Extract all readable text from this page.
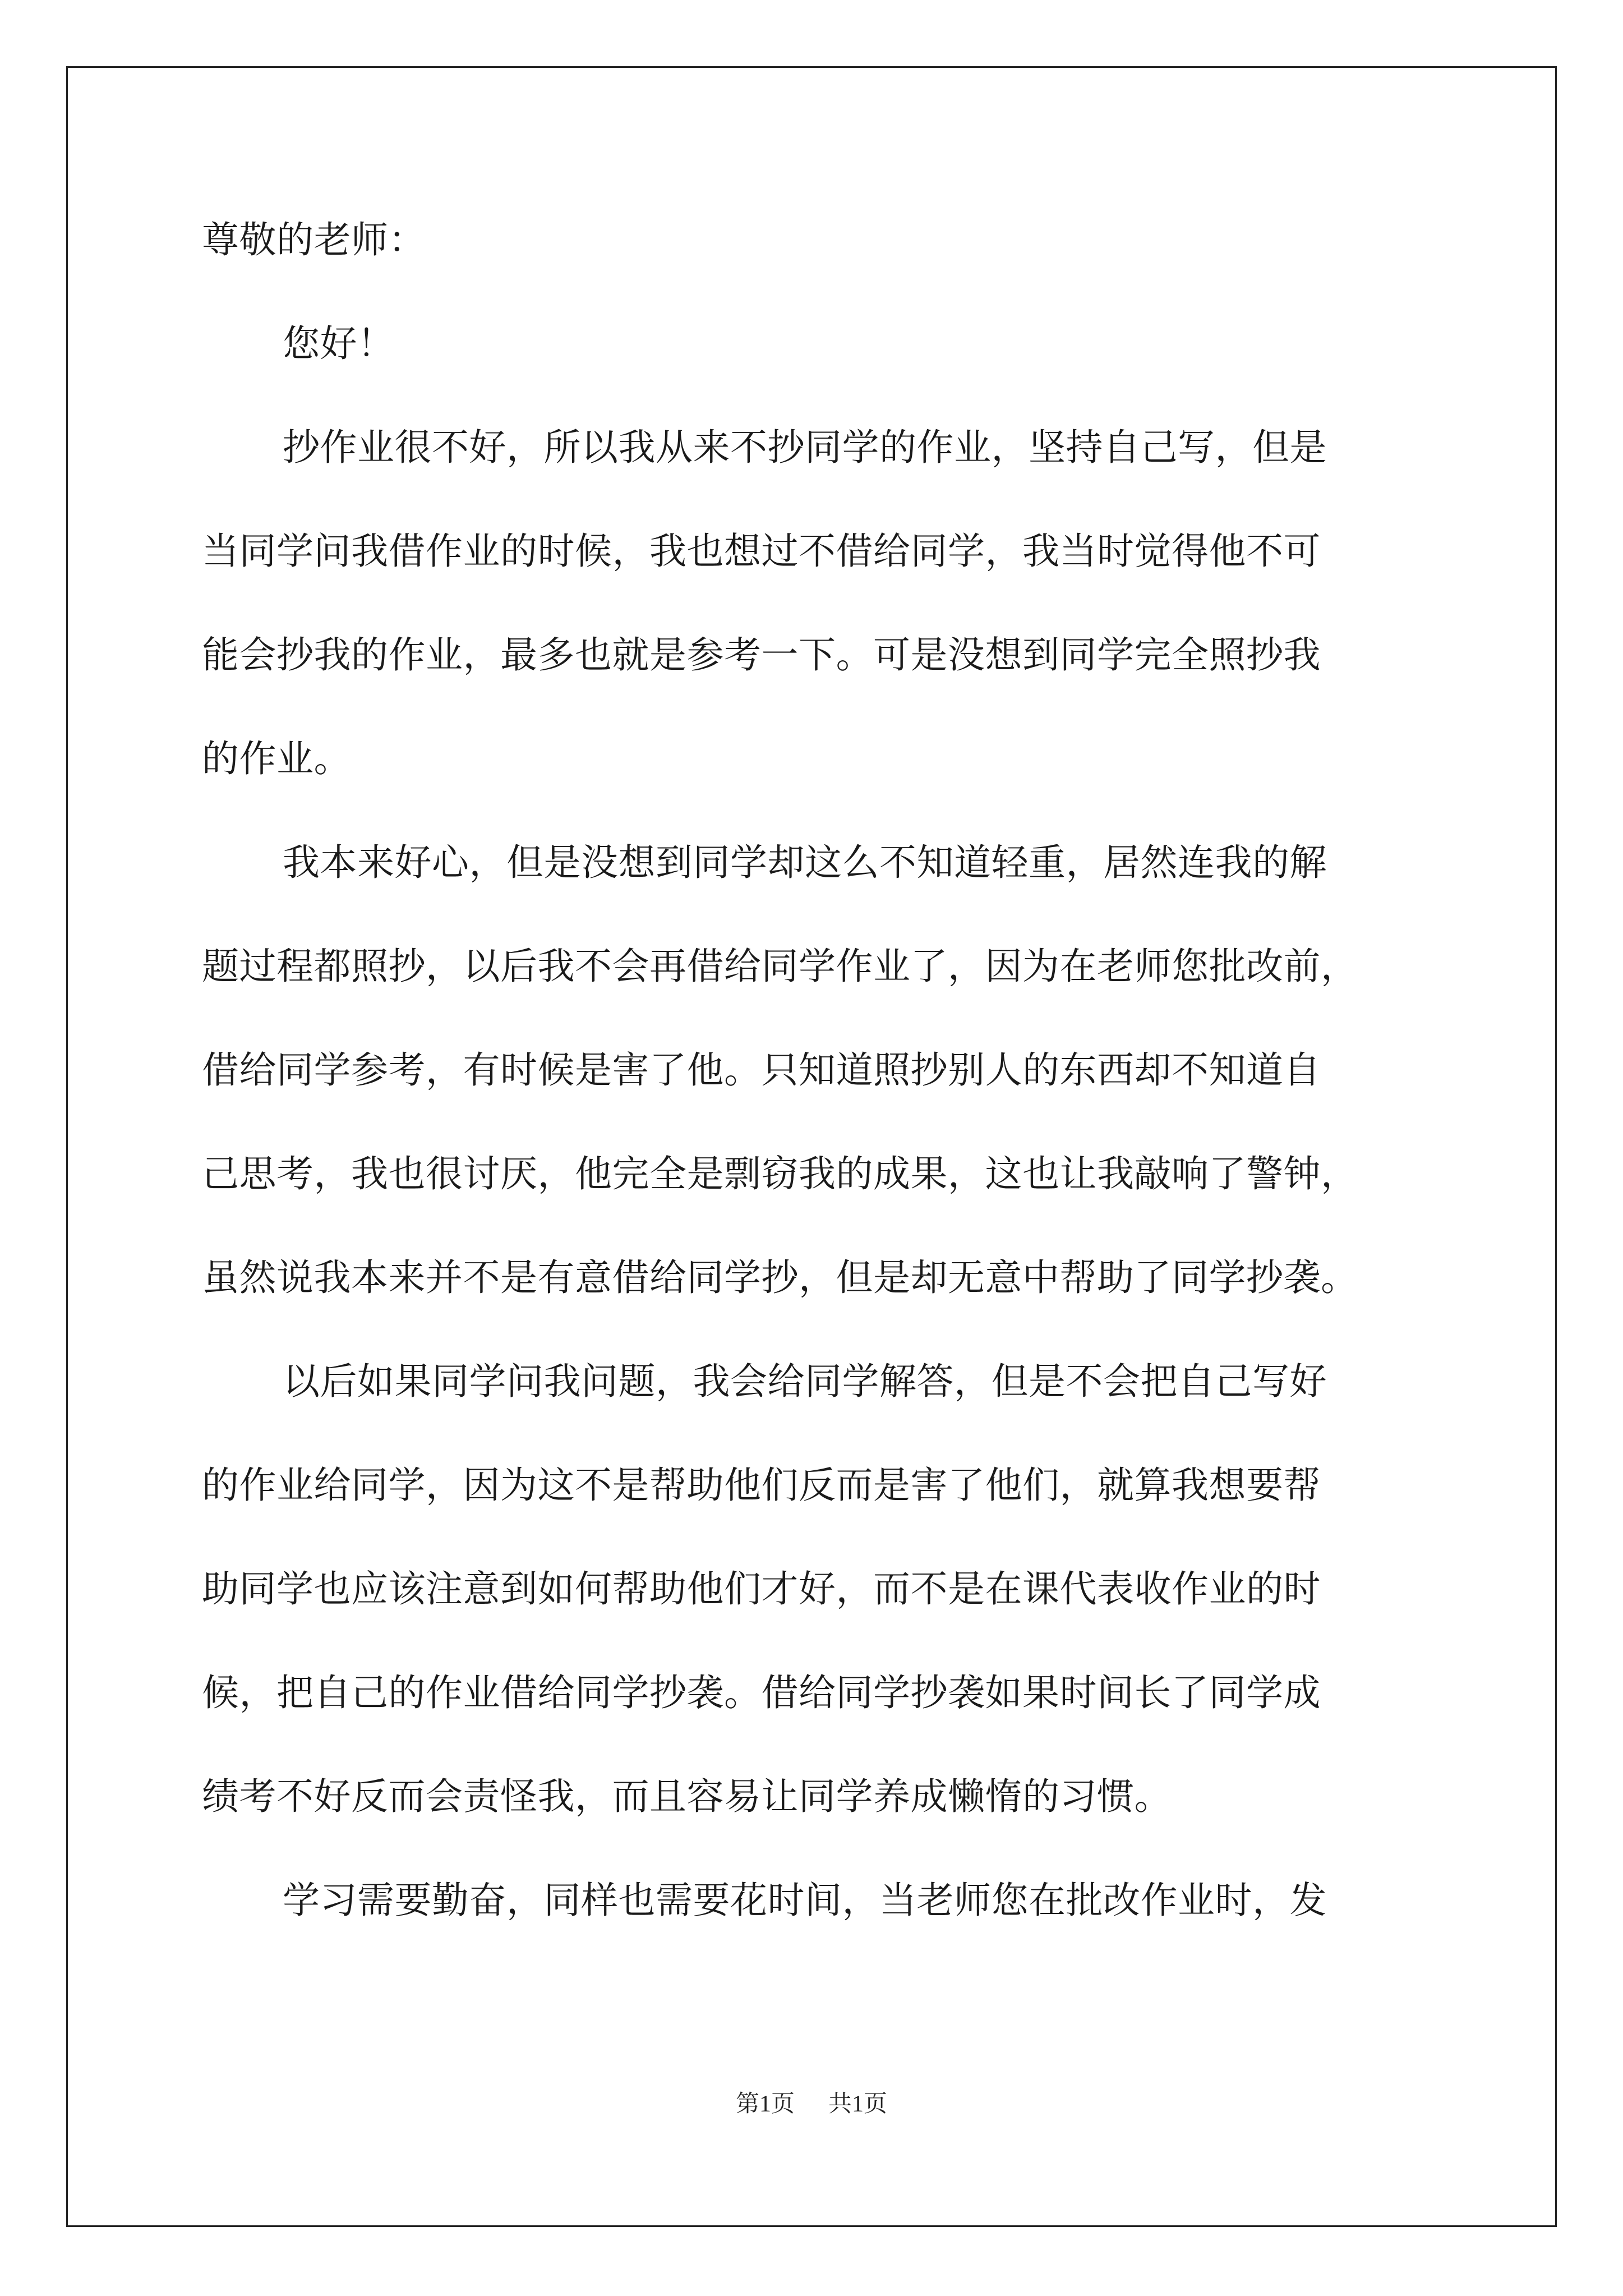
尊敬的老师：
您好！
抄作业很不好，所以我从来不抄同学的作业，坚持自己写，但是
当同学问我借作业的时候，我也想过不借给同学，我当时觉得他不可
能会抄我的作业，最多也就是参考一下。可是没想到同学完全照抄我
的作业。
我本来好心，但是没想到同学却这么不知道轻重，居然连我的解
题过程都照抄，以后我不会再借给同学作业了，因为在老师您批改前，
借给同学参考，有时候是害了他。只知道照抄别人的东西却不知道自
己思考，我也很讨厌，他完全是剽窃我的成果，这也让我敲响了警钟，
虽然说我本来并不是有意借给同学抄，但是却无意中帮助了同学抄袭。
以后如果同学问我问题，我会给同学解答，但是不会把自己写好
的作业给同学，因为这不是帮助他们反而是害了他们，就算我想要帮
助同学也应该注意到如何帮助他们才好，而不是在课代表收作业的时
候，把自己的作业借给同学抄袭。借给同学抄袭如果时间长了同学成
绩考不好反而会责怪我，而且容易让同学养成懒惰的习惯。
学习需要勤奋，同样也需要花时间，当老师您在批改作业时，发
第1页 共1页
